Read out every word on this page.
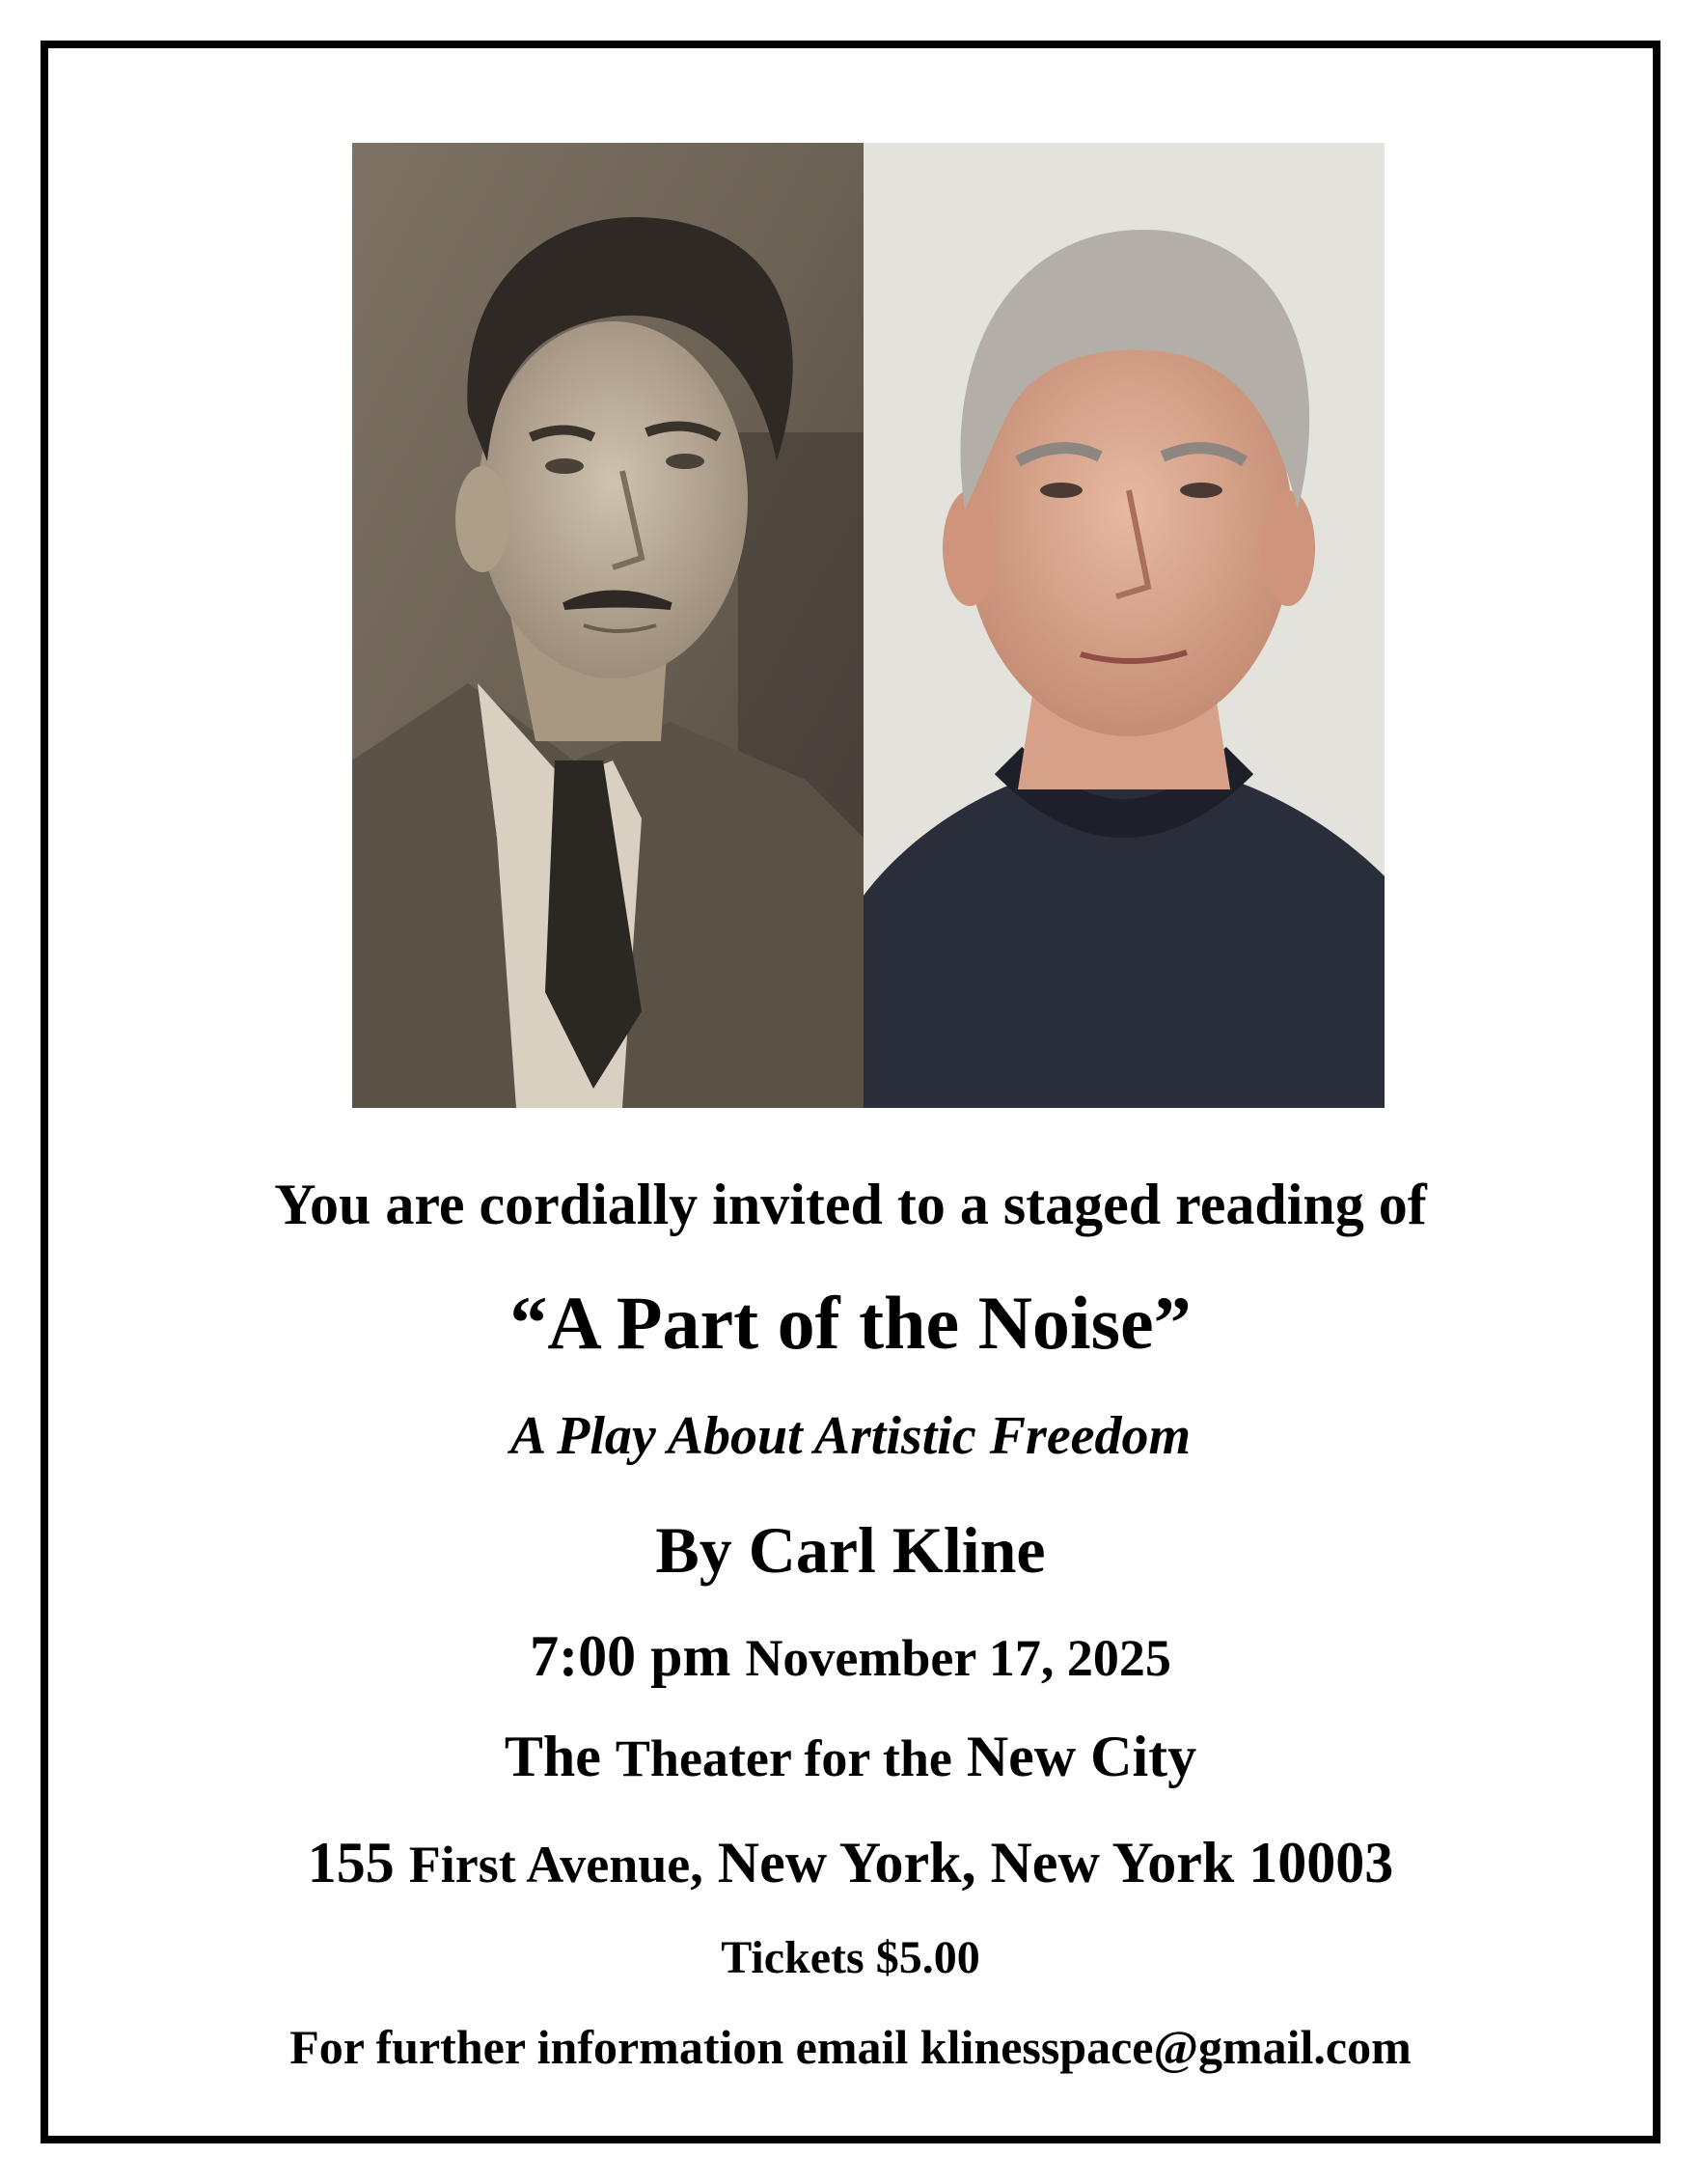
You are cordially invited to a staged reading of
“A Part of the Noise”
A Play About Artistic Freedom
By Carl Kline
7:00 pm November 17, 2025
The Theater for the New City
155 First Avenue, New York, New York 10003
Tickets $5.00
For further information email klinesspace@gmail.com
